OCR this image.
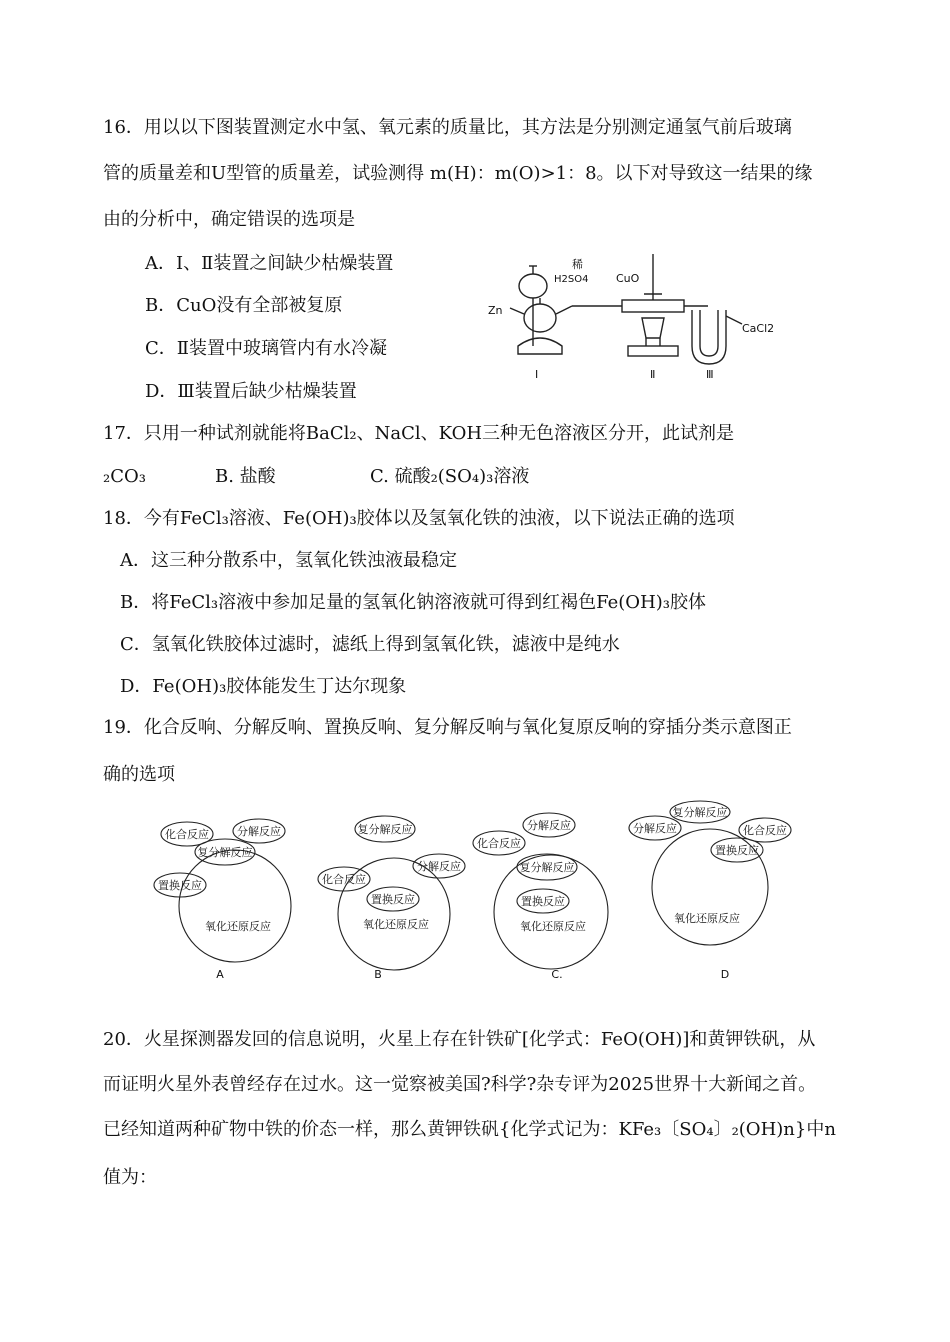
16．用以以下图装置测定水中氢、氧元素的质量比，其方法是分别测定通氢气前后玻璃
管的质量差和U型管的质量差，试验测得 m(H)：m(O)>1：8。以下对导致这一结果的缘
由的分析中，确定错误的选项是
A．I、Ⅱ装置之间缺少枯燥装置
B．CuO没有全部被复原
C．Ⅱ装置中玻璃管内有水冷凝
D．Ⅲ装置后缺少枯燥装置
稀
H2SO4	CuO
Zn
CaCl2
I	Ⅱ	Ⅲ
17．只用一种试剂就能将BaCl₂、NaCl、KOH三种无色溶液区分开，此试剂是
₂CO₃	B. 盐酸	C. 硫酸₂(SO₄)₃溶液
18．今有FeCl₃溶液、Fe(OH)₃胶体以及氢氧化铁的浊液，以下说法正确的选项
A．这三种分散系中，氢氧化铁浊液最稳定
B．将FeCl₃溶液中参加足量的氢氧化钠溶液就可得到红褐色Fe(OH)₃胶体
C．氢氧化铁胶体过滤时，滤纸上得到氢氧化铁，滤液中是纯水
D．Fe(OH)₃胶体能发生丁达尔现象
19．化合反响、分解反响、置换反响、复分解反响与氧化复原反响的穿插分类示意图正
确的选项
化合反应	分解反应
复分解反应
置换反应
氧化还原反应
复分解反应
化合反应
分解反应
置换反应
氧化还原反应
分解反应
化合反应
复分解反应
置换反应
氧化还原反应
复分解反应
分解反应	化合反应
置换反应
氧化还原反应
A	B	C.	D
20．火星探测器发回的信息说明，火星上存在针铁矿[化学式：FeO(OH)]和黄钾铁矾，从
而证明火星外表曾经存在过水。这一觉察被美国?科学?杂专评为2025世界十大新闻之首。
已经知道两种矿物中铁的价态一样，那么黄钾铁矾{化学式记为：KFe₃〔SO₄〕₂(OH)n}中n
值为：
